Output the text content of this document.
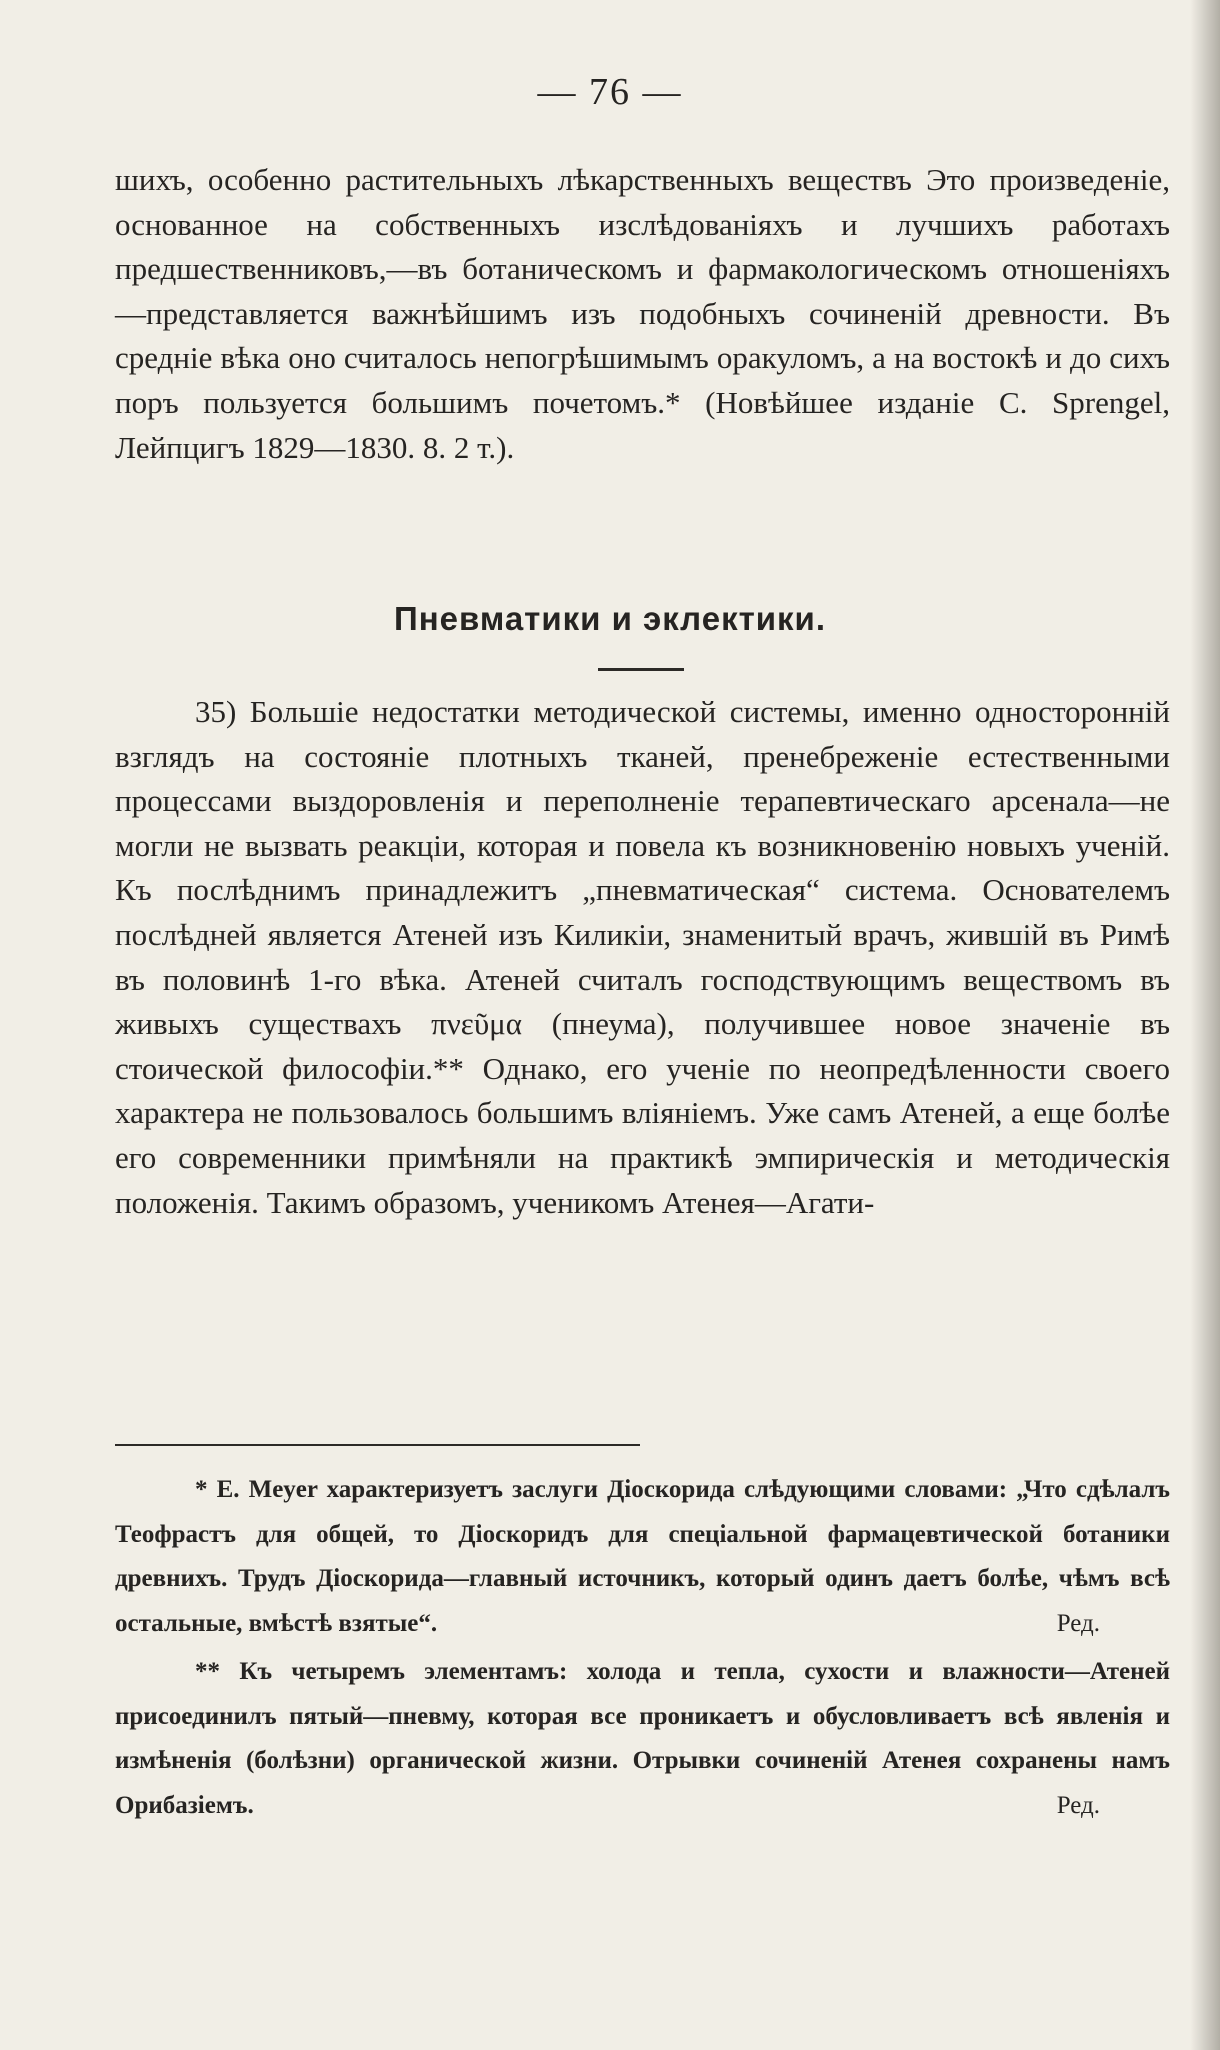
— 76 —

шихъ, особенно растительныхъ лѣкарственныхъ веществъ Это произведеніе, основанное на собственныхъ изслѣдованіяхъ и лучшихъ работахъ предшественниковъ,—въ ботаническомъ и фармакологическомъ отношеніяхъ—представляется важнѣйшимъ изъ подобныхъ сочиненій древности. Въ средніе вѣка оно считалось непогрѣшимымъ оракуломъ, а на востокѣ и до сихъ поръ пользуется большимъ почетомъ.* (Новѣйшее изданіе C. Sprengel, Лейпцигъ 1829—1830. 8. 2 т.).

Пневматики и эклектики.

35) Большіе недостатки методической системы, именно односторонній взглядъ на состояніе плотныхъ тканей, пренебреженіе естественными процессами выздоровленія и переполненіе терапевтическаго арсенала—не могли не вызвать реакціи, которая и повела къ возникновенію новыхъ ученій. Къ послѣднимъ принадлежитъ „пневматическая“ система. Основателемъ послѣдней является Атеней изъ Киликіи, знаменитый врачъ, жившій въ Римѣ въ половинѣ 1-го вѣка. Атеней считалъ господствующимъ веществомъ въ живыхъ существахъ πνεῦμα (пнеума), получившее новое значеніе въ стоической философіи.** Однако, его ученіе по неопредѣленности своего характера не пользовалось большимъ вліяніемъ. Уже самъ Атеней, а еще болѣе его современники примѣняли на практикѣ эмпирическія и методическія положенія. Такимъ образомъ, ученикомъ Атенея—Агати-

* E. Meyer характеризуетъ заслуги Діоскорида слѣдующими словами: „Что сдѣлалъ Теофрастъ для общей, то Діоскоридъ для спеціальной фармацевтической ботаники древнихъ. Трудъ Діоскорида—главный источникъ, который одинъ даетъ болѣе, чѣмъ всѣ остальные, вмѣстѣ взятые“.	Ред.

** Къ четыремъ элементамъ: холода и тепла, сухости и влажности—Атеней присоединилъ пятый—пневму, которая все проникаетъ и обусловливаетъ всѣ явленія и измѣненія (болѣзни) органической жизни. Отрывки сочиненій Атенея сохранены намъ Орибазіемъ.	Ред.
